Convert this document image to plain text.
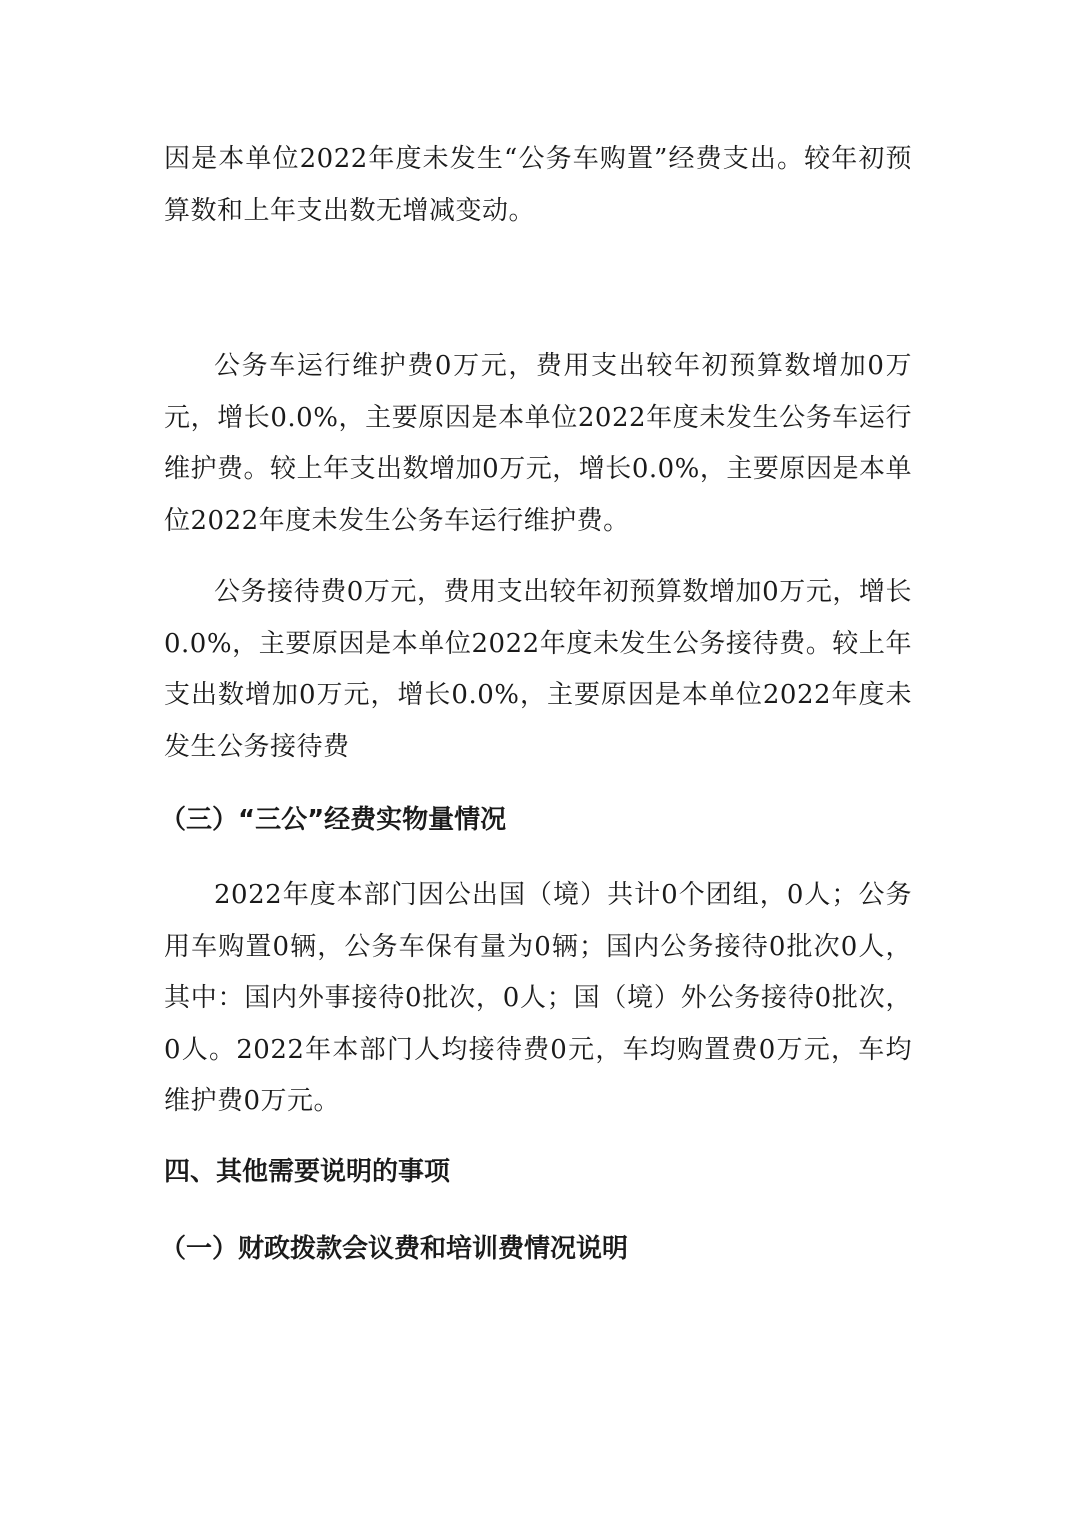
因是本单位2022年度未发生“公务车购置”经费支出。较年初预算数和上年支出数无增减变动。

公务车运行维护费0万元，费用支出较年初预算数增加0万元，增长0.0%，主要原因是本单位2022年度未发生公务车运行维护费。较上年支出数增加0万元，增长0.0%，主要原因是本单位2022年度未发生公务车运行维护费。

公务接待费0万元，费用支出较年初预算数增加0万元，增长0.0%，主要原因是本单位2022年度未发生公务接待费。较上年支出数增加0万元，增长0.0%，主要原因是本单位2022年度未发生公务接待费

（三）“三公”经费实物量情况

2022年度本部门因公出国（境）共计0个团组，0人；公务用车购置0辆，公务车保有量为0辆；国内公务接待0批次0人，其中：国内外事接待0批次，0人；国（境）外公务接待0批次，0人。2022年本部门人均接待费0元，车均购置费0万元，车均维护费0万元。

四、其他需要说明的事项
（一）财政拨款会议费和培训费情况说明
